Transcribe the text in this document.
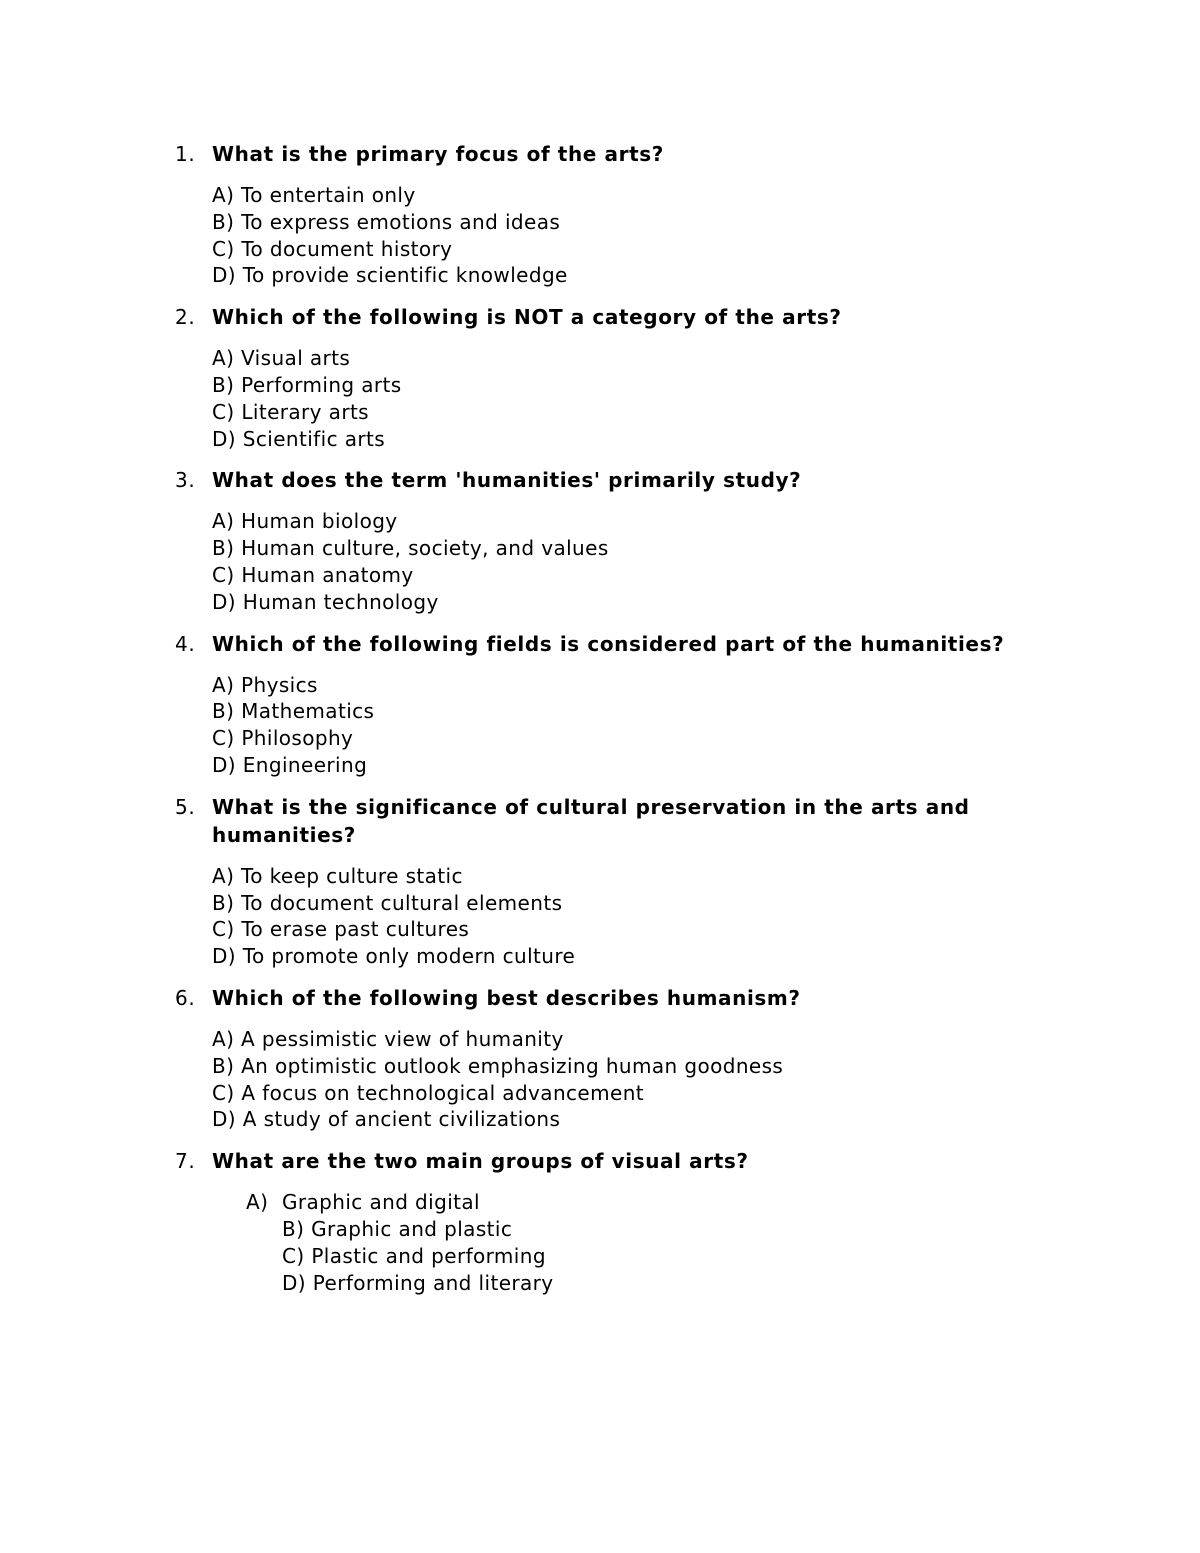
1. What is the primary focus of the arts?
A) To entertain only
B) To express emotions and ideas
C) To document history
D) To provide scientific knowledge
2. Which of the following is NOT a category of the arts?
A) Visual arts
B) Performing arts
C) Literary arts
D) Scientific arts
3. What does the term 'humanities' primarily study?
A) Human biology
B) Human culture, society, and values
C) Human anatomy
D) Human technology
4. Which of the following fields is considered part of the humanities?
A) Physics
B) Mathematics
C) Philosophy
D) Engineering
5. What is the significance of cultural preservation in the arts and humanities?
A) To keep culture static
B) To document cultural elements
C) To erase past cultures
D) To promote only modern culture
6. Which of the following best describes humanism?
A) A pessimistic view of humanity
B) An optimistic outlook emphasizing human goodness
C) A focus on technological advancement
D) A study of ancient civilizations
7. What are the two main groups of visual arts?
A) Graphic and digital
B) Graphic and plastic
C) Plastic and performing
D) Performing and literary
